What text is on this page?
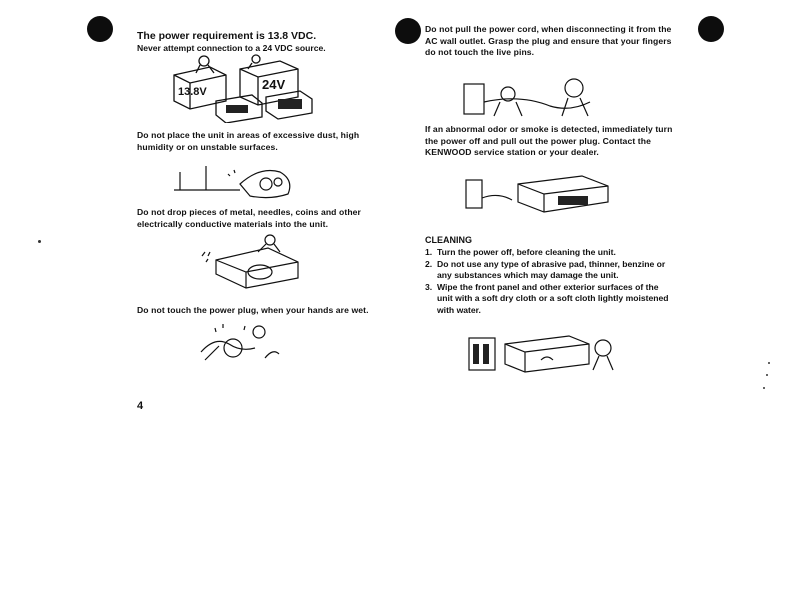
The power requirement is 13.8 VDC.
Never attempt connection to a 24 VDC source.
13.8V	24V
Do not place the unit in areas of excessive dust, high humidity or on unstable surfaces.
Do not drop pieces of metal, needles, coins and other electrically conductive materials into the unit.
Do not touch the power plug, when your hands are wet.
4
Do not pull the power cord, when disconnecting it from the AC wall outlet. Grasp the plug and ensure that your fingers do not touch the live pins.
If an abnormal odor or smoke is detected, immediately turn the power off and pull out the power plug. Contact the KENWOOD service station or your dealer.
CLEANING
1. Turn the power off, before cleaning the unit.
2. Do not use any type of abrasive pad, thinner, benzine or any substances which may damage the unit.
3. Wipe the front panel and other exterior surfaces of the unit with a soft dry cloth or a soft cloth lightly moistened with water.
